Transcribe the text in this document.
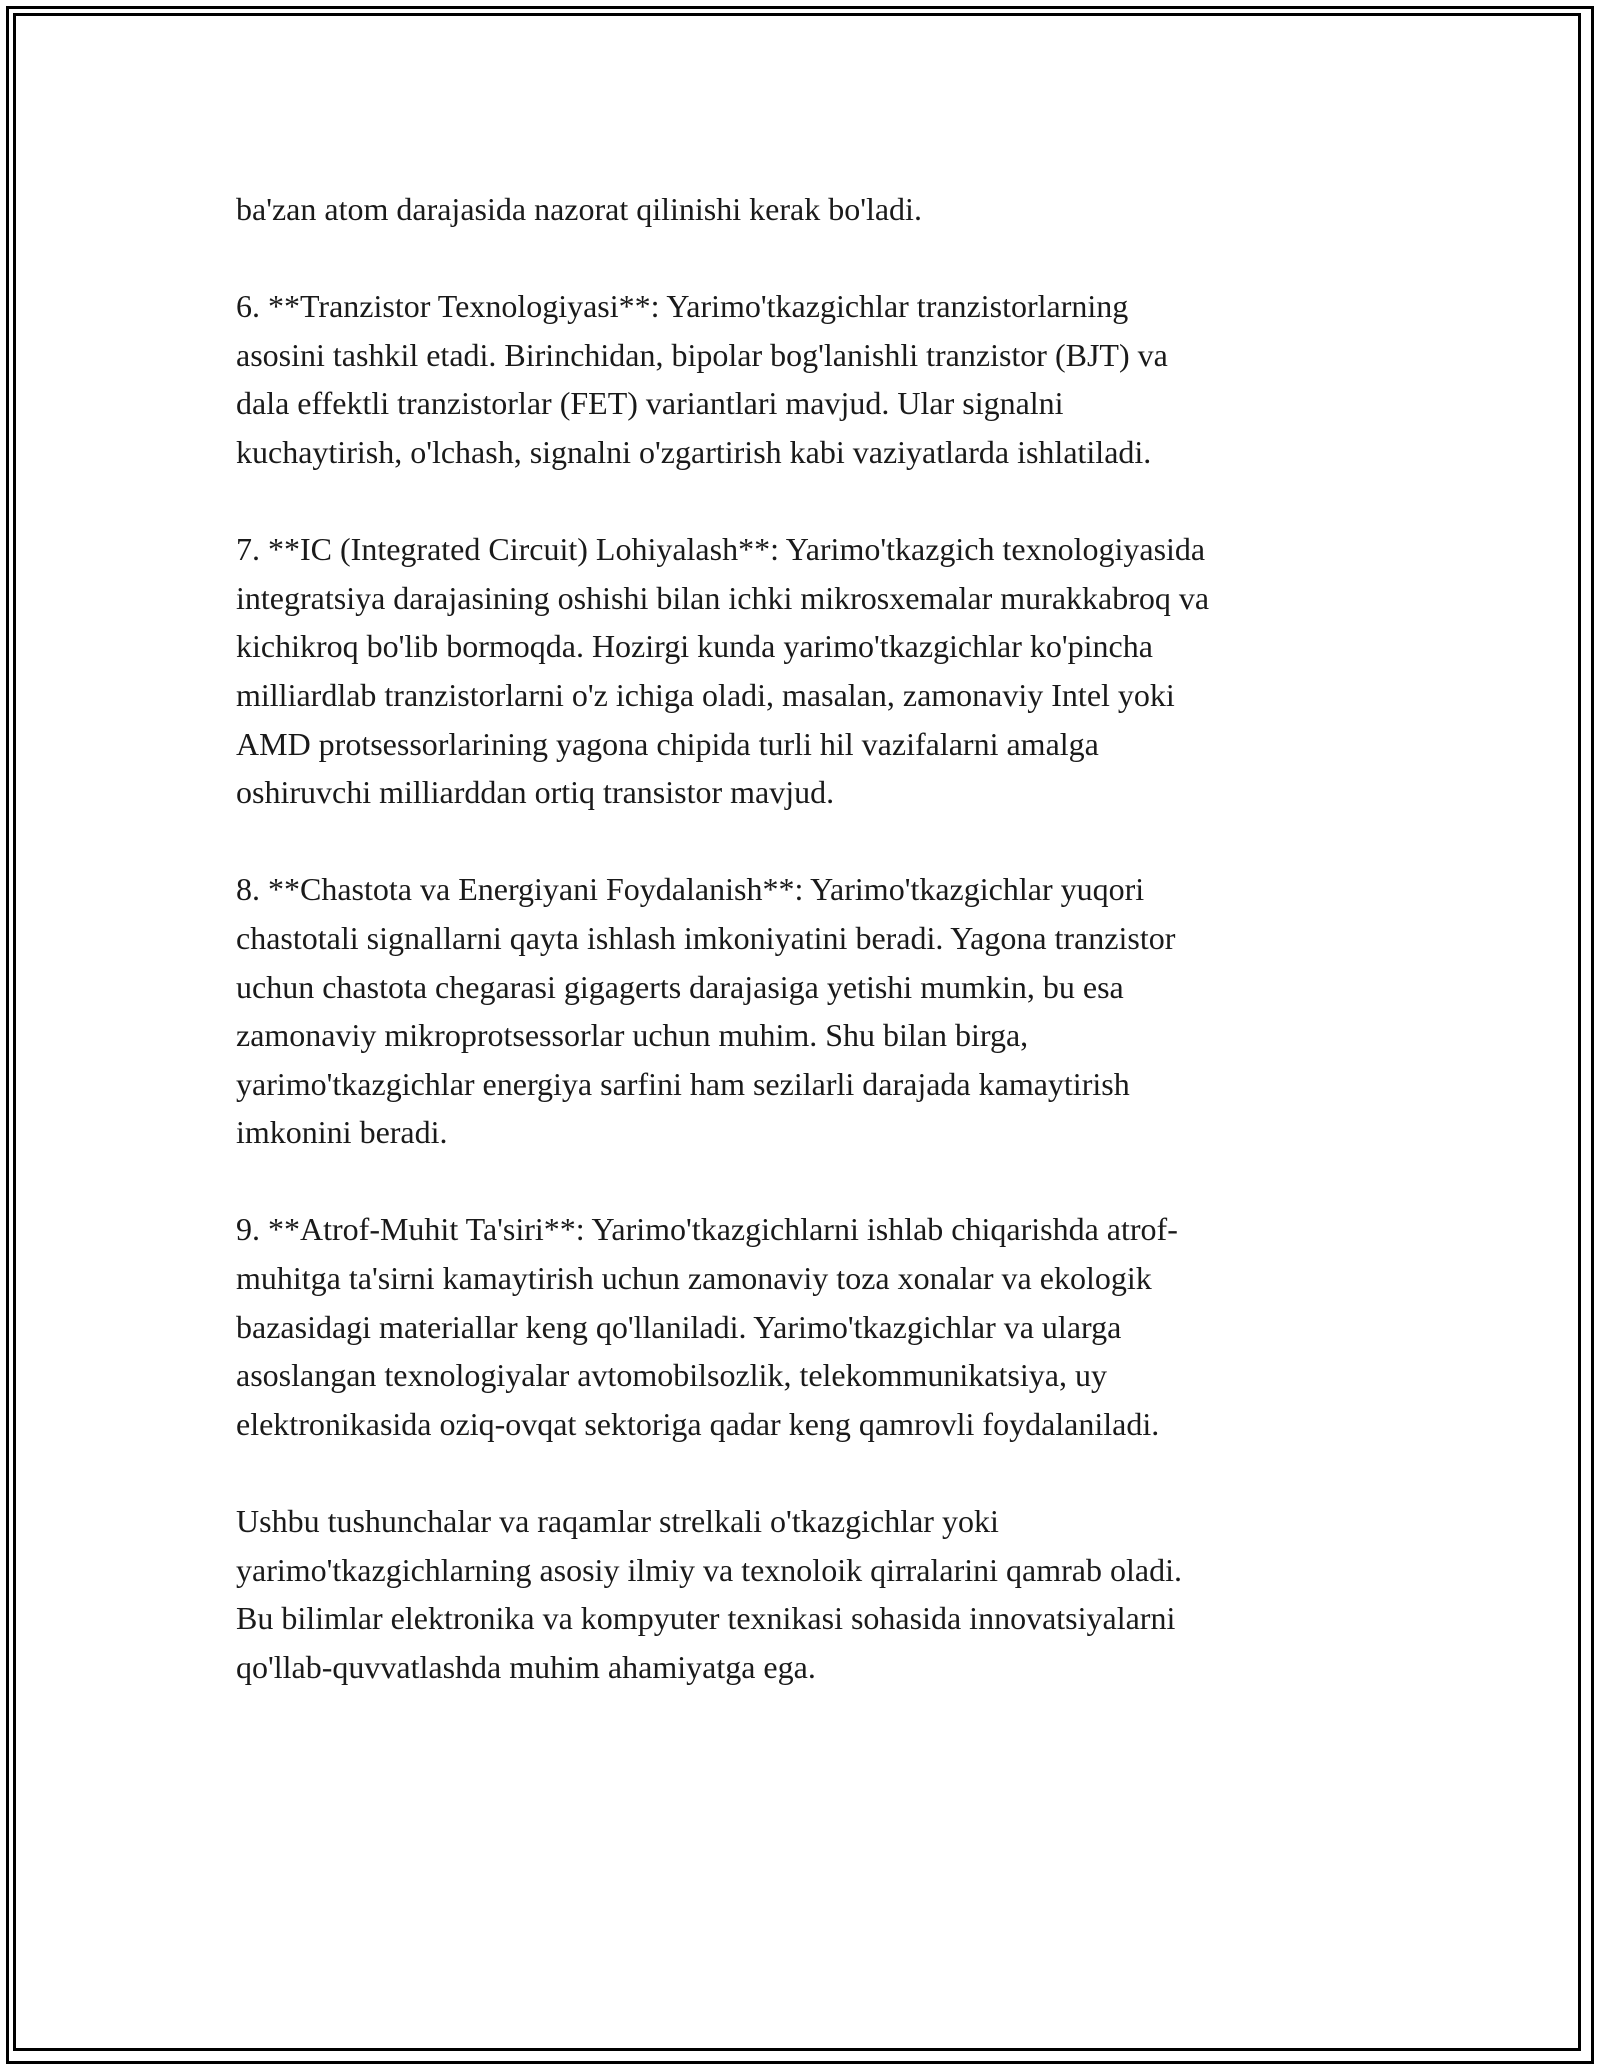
ba'zan atom darajasida nazorat qilinishi kerak bo'ladi.

6. **Tranzistor Texnologiyasi**: Yarimo'tkazgichlar tranzistorlarning
asosini tashkil etadi. Birinchidan, bipolar bog'lanishli tranzistor (BJT) va
dala effektli tranzistorlar (FET) variantlari mavjud. Ular signalni
kuchaytirish, o'lchash, signalni o'zgartirish kabi vaziyatlarda ishlatiladi.

7. **IC (Integrated Circuit) Lohiyalash**: Yarimo'tkazgich texnologiyasida
integratsiya darajasining oshishi bilan ichki mikrosxemalar murakkabroq va
kichikroq bo'lib bormoqda. Hozirgi kunda yarimo'tkazgichlar ko'pincha
milliardlab tranzistorlarni o'z ichiga oladi, masalan, zamonaviy Intel yoki
AMD protsessorlarining yagona chipida turli hil vazifalarni amalga
oshiruvchi milliarddan ortiq transistor mavjud.

8. **Chastota va Energiyani Foydalanish**: Yarimo'tkazgichlar yuqori
chastotali signallarni qayta ishlash imkoniyatini beradi. Yagona tranzistor
uchun chastota chegarasi gigagerts darajasiga yetishi mumkin, bu esa
zamonaviy mikroprotsessorlar uchun muhim. Shu bilan birga,
yarimo'tkazgichlar energiya sarfini ham sezilarli darajada kamaytirish
imkonini beradi.

9. **Atrof-Muhit Ta'siri**: Yarimo'tkazgichlarni ishlab chiqarishda atrof-
muhitga ta'sirni kamaytirish uchun zamonaviy toza xonalar va ekologik
bazasidagi materiallar keng qo'llaniladi. Yarimo'tkazgichlar va ularga
asoslangan texnologiyalar avtomobilsozlik, telekommunikatsiya, uy
elektronikasida oziq-ovqat sektoriga qadar keng qamrovli foydalaniladi.

Ushbu tushunchalar va raqamlar strelkali o'tkazgichlar yoki
yarimo'tkazgichlarning asosiy ilmiy va texnoloik qirralarini qamrab oladi.
Bu bilimlar elektronika va kompyuter texnikasi sohasida innovatsiyalarni
qo'llab-quvvatlashda muhim ahamiyatga ega.
